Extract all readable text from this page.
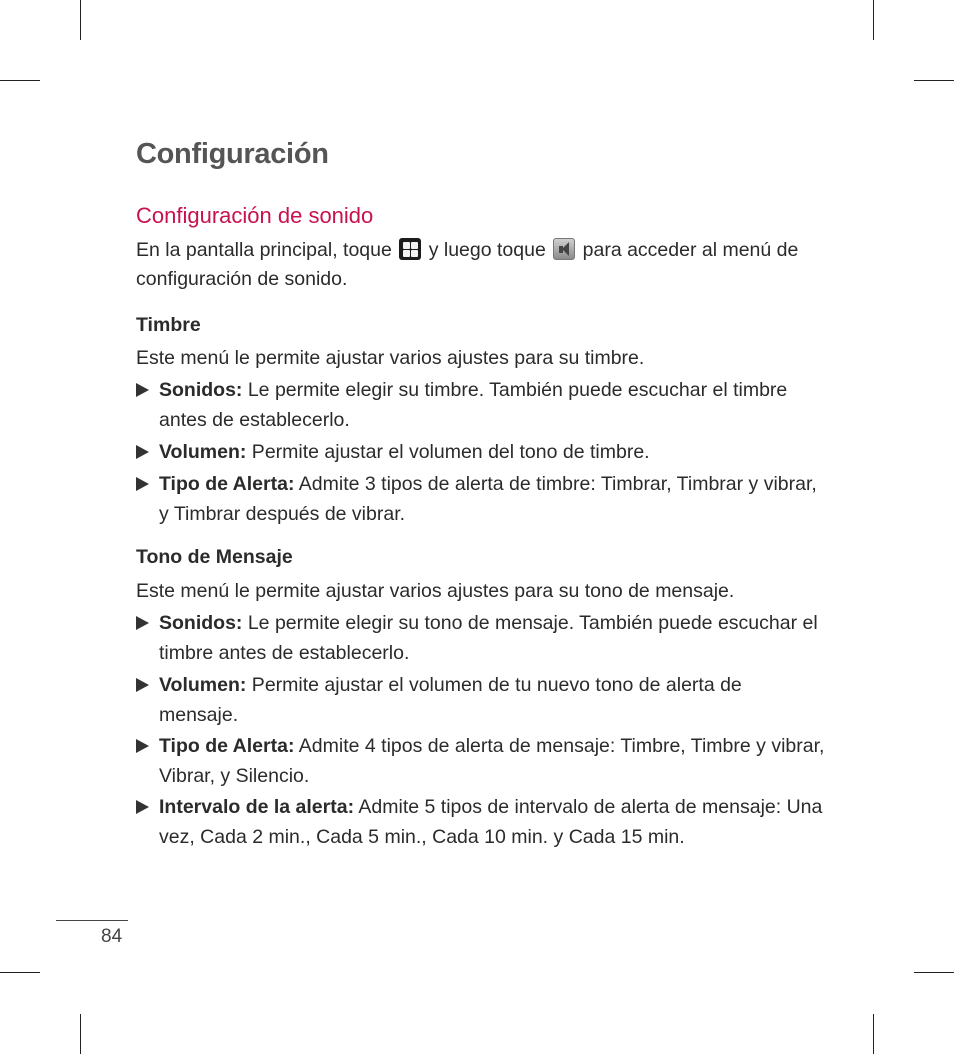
Configuración
Configuración de sonido
En la pantalla principal, toque y luego toque para acceder al menú de configuración de sonido.
Timbre
Este menú le permite ajustar varios ajustes para su timbre.
Sonidos: Le permite elegir su timbre. También puede escuchar el timbre antes de establecerlo.
Volumen: Permite ajustar el volumen del tono de timbre.
Tipo de Alerta: Admite 3 tipos de alerta de timbre: Timbrar, Timbrar y vibrar, y Timbrar después de vibrar.
Tono de Mensaje
Este menú le permite ajustar varios ajustes para su tono de mensaje.
Sonidos: Le permite elegir su tono de mensaje. También puede escuchar el timbre antes de establecerlo.
Volumen: Permite ajustar el volumen de tu nuevo tono de alerta de mensaje.
Tipo de Alerta: Admite 4 tipos de alerta de mensaje: Timbre, Timbre y vibrar, Vibrar, y Silencio.
Intervalo de la alerta: Admite 5 tipos de intervalo de alerta de mensaje: Una vez, Cada 2 min., Cada 5 min., Cada 10 min. y Cada 15 min.
84
